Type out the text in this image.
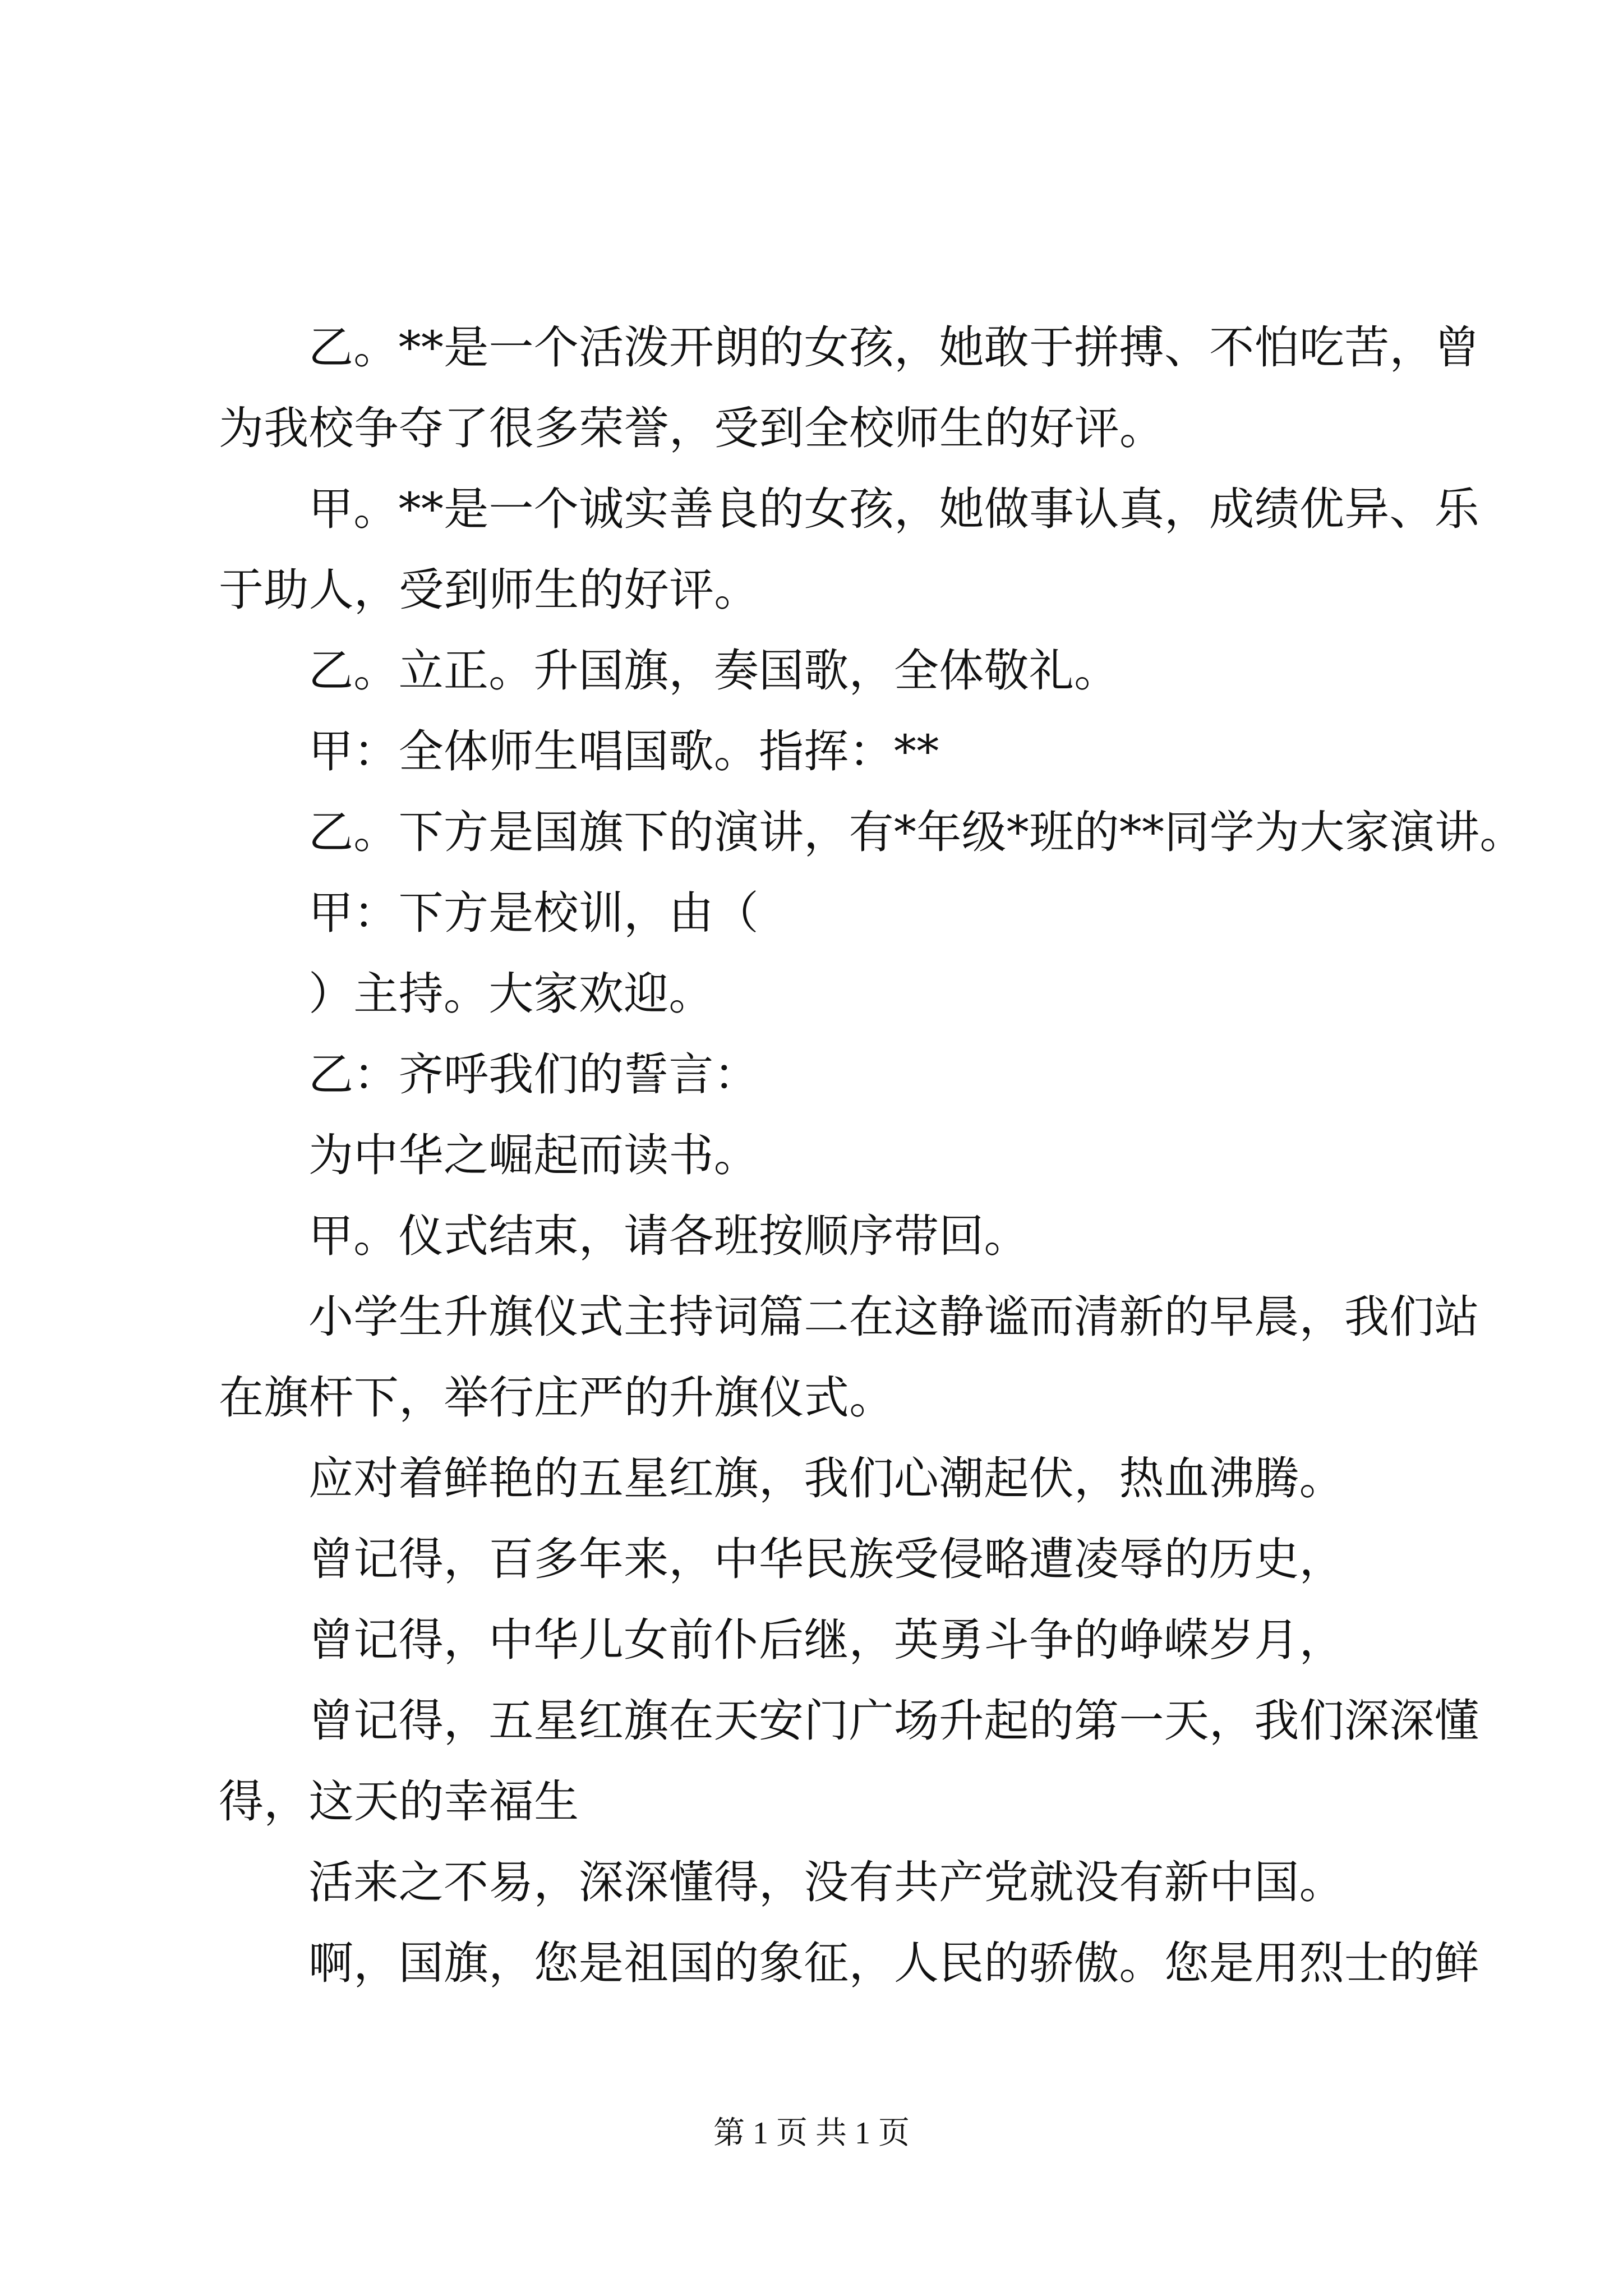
乙。**是一个活泼开朗的女孩，她敢于拼搏、不怕吃苦，曾
为我校争夺了很多荣誉，受到全校师生的好评。
甲。**是一个诚实善良的女孩，她做事认真，成绩优异、乐
于助人，受到师生的好评。
乙。立正。升国旗，奏国歌，全体敬礼。
甲：全体师生唱国歌。指挥：**
乙。下方是国旗下的演讲，有*年级*班的**同学为大家演讲。
甲：下方是校训，由（
）主持。大家欢迎。
乙：齐呼我们的誓言：
为中华之崛起而读书。
甲。仪式结束，请各班按顺序带回。
小学生升旗仪式主持词篇二在这静谧而清新的早晨，我们站
在旗杆下，举行庄严的升旗仪式。
应对着鲜艳的五星红旗，我们心潮起伏，热血沸腾。
曾记得，百多年来，中华民族受侵略遭凌辱的历史，
曾记得，中华儿女前仆后继，英勇斗争的峥嵘岁月，
曾记得，五星红旗在天安门广场升起的第一天，我们深深懂
得，这天的幸福生
活来之不易，深深懂得，没有共产党就没有新中国。
啊，国旗，您是祖国的象征，人民的骄傲。您是用烈士的鲜
第 1 页 共 1 页
